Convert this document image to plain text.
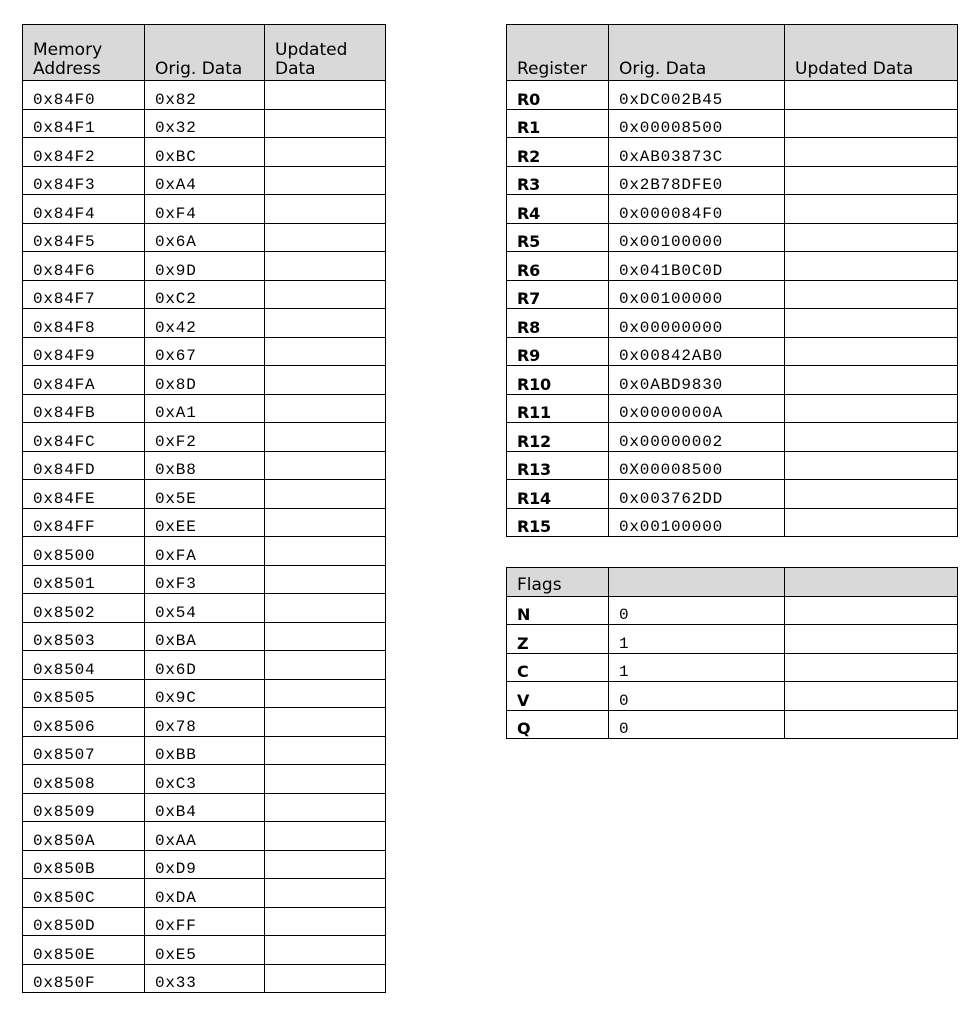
Memory Address	Orig. Data	Updated Data
0x84F0	0x82	
0x84F1	0x32	
0x84F2	0xBC	
0x84F3	0xA4	
0x84F4	0xF4	
0x84F5	0x6A	
0x84F6	0x9D	
0x84F7	0xC2	
0x84F8	0x42	
0x84F9	0x67	
0x84FA	0x8D	
0x84FB	0xA1	
0x84FC	0xF2	
0x84FD	0xB8	
0x84FE	0x5E	
0x84FF	0xEE	
0x8500	0xFA	
0x8501	0xF3	
0x8502	0x54	
0x8503	0xBA	
0x8504	0x6D	
0x8505	0x9C	
0x8506	0x78	
0x8507	0xBB	
0x8508	0xC3	
0x8509	0xB4	
0x850A	0xAA	
0x850B	0xD9	
0x850C	0xDA	
0x850D	0xFF	
0x850E	0xE5	
0x850F	0x33	
Register	Orig. Data	Updated Data
R0	0xDC002B45	
R1	0x00008500	
R2	0xAB03873C	
R3	0x2B78DFE0	
R4	0x000084F0	
R5	0x00100000	
R6	0x041B0C0D	
R7	0x00100000	
R8	0x00000000	
R9	0x00842AB0	
R10	0x0ABD9830	
R11	0x0000000A	
R12	0x00000002	
R13	0X00008500	
R14	0x003762DD	
R15	0x00100000	
Flags		
N	0	
Z	1	
C	1	
V	0	
Q	0	
